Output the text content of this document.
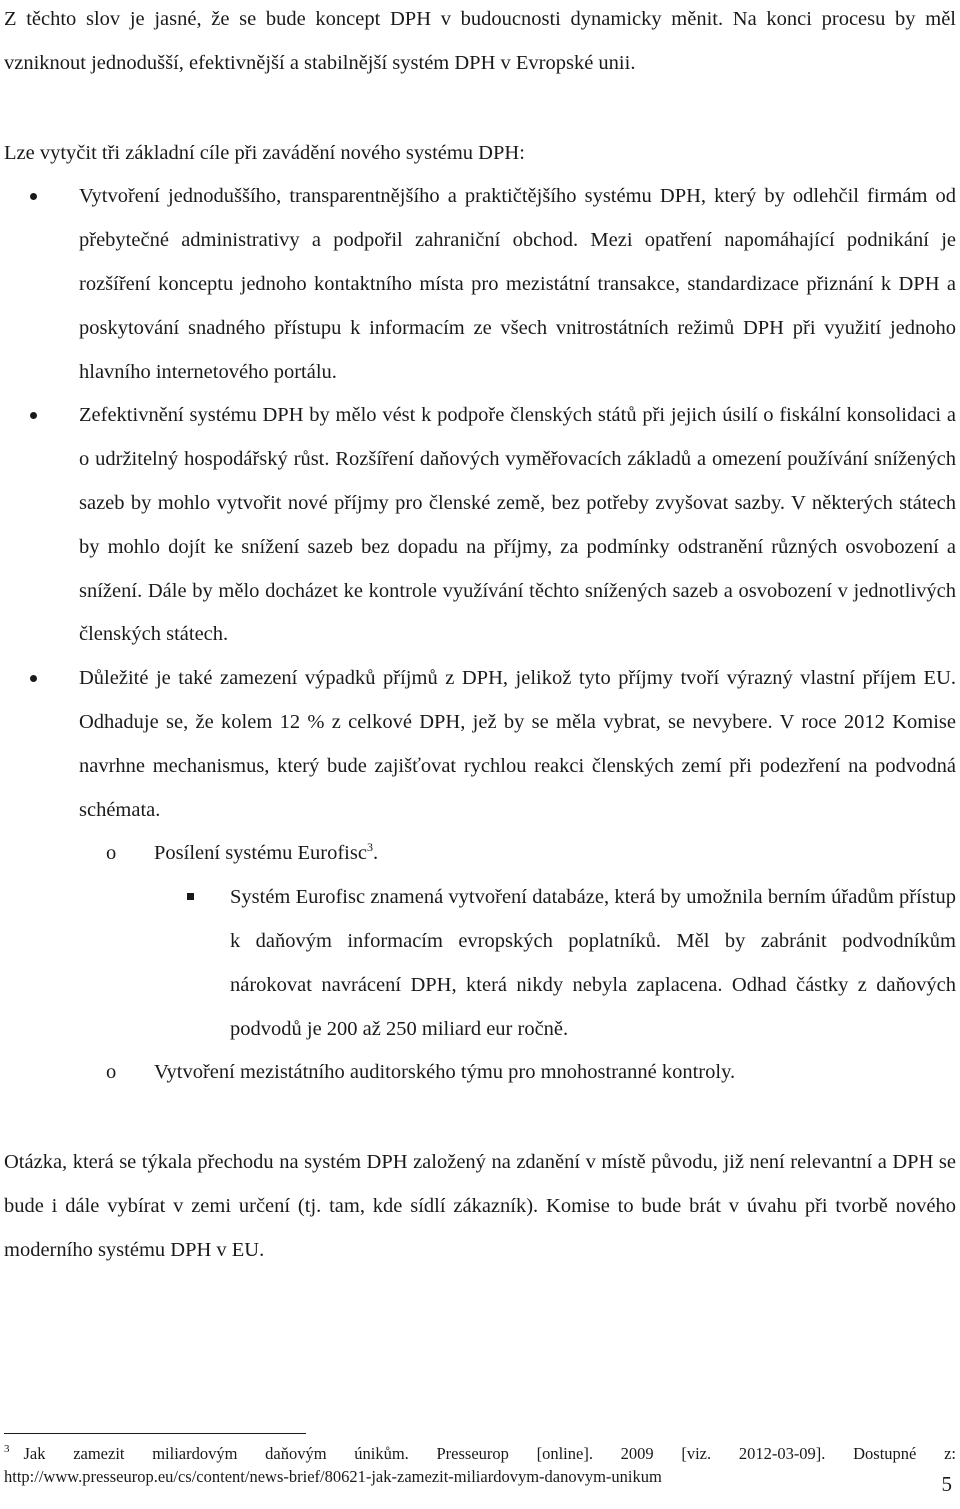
Z těchto slov je jasné, že se bude koncept DPH v budoucnosti dynamicky měnit. Na konci procesu by měl vzniknout jednodušší, efektivnější a stabilnější systém DPH v Evropské unii.

Lze vytyčit tři základní cíle při zavádění nového systému DPH:

Vytvoření jednoduššího, transparentnějšího a praktičtějšího systému DPH, který by odlehčil firmám od přebytečné administrativy a podpořil zahraniční obchod. Mezi opatření napomáhající podnikání je rozšíření konceptu jednoho kontaktního místa pro mezistátní transakce, standardizace přiznání k DPH a poskytování snadného přístupu k informacím ze všech vnitrostátních režimů DPH při využití jednoho hlavního internetového portálu.

Zefektivnění systému DPH by mělo vést k podpoře členských států při jejich úsilí o fiskální konsolidaci a o udržitelný hospodářský růst. Rozšíření daňových vyměřovacích základů a omezení používání snížených sazeb by mohlo vytvořit nové příjmy pro členské země, bez potřeby zvyšovat sazby. V některých státech by mohlo dojít ke snížení sazeb bez dopadu na příjmy, za podmínky odstranění různých osvobození a snížení. Dále by mělo docházet ke kontrole využívání těchto snížených sazeb a osvobození v jednotlivých členských státech.

Důležité je také zamezení výpadků příjmů z DPH, jelikož tyto příjmy tvoří výrazný vlastní příjem EU. Odhaduje se, že kolem 12 % z celkové DPH, jež by se měla vybrat, se nevybere. V roce 2012 Komise navrhne mechanismus, který bude zajišťovat rychlou reakci členských zemí při podezření na podvodná schémata.

o Posílení systému Eurofisc$^3$.

Systém Eurofisc znamená vytvoření databáze, která by umožnila berním úřadům přístup k daňovým informacím evropských poplatníků. Měl by zabránit podvodníkům nárokovat navrácení DPH, která nikdy nebyla zaplacena. Odhad částky z daňových podvodů je 200 až 250 miliard eur ročně.

o Vytvoření mezistátního auditorského týmu pro mnohostranné kontroly.

Otázka, která se týkala přechodu na systém DPH založený na zdanění v místě původu, již není relevantní a DPH se bude i dále vybírat v zemi určení (tj. tam, kde sídlí zákazník). Komise to bude brát v úvahu při tvorbě nového moderního systému DPH v EU.

$^3$ Jak zamezit miliardovým daňovým únikům. Presseurop [online]. 2009 [viz. 2012-03-09]. Dostupné z: http://www.presseurop.eu/cs/content/news-brief/80621-jak-zamezit-miliardovym-danovym-unikum	5
